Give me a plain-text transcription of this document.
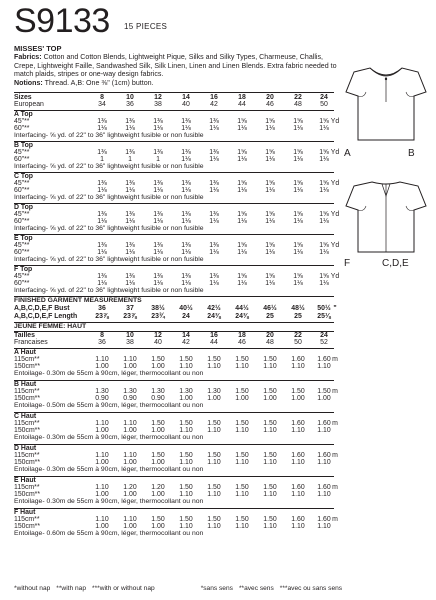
S9133 15 PIECES
MISSES' TOP
Fabrics: Cotton and Cotton Blends, Lightweight Pique, Silks and Silky Types, Charmeuse, Challis, Crepe, Lightweight Faille, Sandwashed Silk, Silk Linen, Linen and Linen Blends. Extra fabric needed to match plaids, stripes or one-way design fabrics.
Notions: Thread. A,B: One ⅜" (1cm) button.
Sizes	8	10	12	14	16	18	20	22	24
European	34	36	38	40	42	44	46	48	50
A Top
45"**	1⅜	1⅜	1⅜	1⅜	1⅜	1⅝	1⅝	1⅝	1⅝ Yd
60"**	1⅛	1⅛	1⅛	1⅛	1⅛	1⅛	1⅛	1⅛	1⅛
Interfacing- ⅝ yd. of 22" to 36" lightweight fusible or non fusible
B Top
45"**	1⅜	1⅜	1⅜	1⅜	1⅜	1⅝	1⅝	1⅝	1⅝ Yd
60"**	1	1	1	1⅛	1⅛	1⅛	1⅛	1⅛	1⅛
Interfacing- ⅝ yd. of 22" to 36" lightweight fusible or non fusible
C Top
45"**	1⅜	1⅜	1⅜	1⅜	1⅜	1⅝	1⅝	1⅝	1⅝ Yd
60"**	1⅛	1⅛	1⅛	1⅛	1⅛	1⅛	1⅛	1⅛	1⅛
Interfacing- ⅝ yd. of 22" to 36" lightweight fusible or non fusible
D Top
45"**	1⅜	1⅜	1⅜	1⅜	1⅜	1⅝	1⅝	1⅝	1⅝ Yd
60"**	1⅛	1⅛	1⅛	1⅛	1⅛	1⅛	1⅛	1⅛	1⅛
Interfacing- ⅝ yd. of 22" to 36" lightweight fusible or non fusible
E Top
45"**	1⅜	1⅜	1⅜	1⅜	1⅜	1⅝	1⅝	1⅝	1⅝ Yd
60"**	1⅛	1⅛	1⅛	1⅛	1⅛	1⅛	1⅛	1⅛	1⅛
Interfacing- ⅝ yd. of 22" to 36" lightweight fusible or non fusible
F Top
45"**	1⅜	1⅜	1⅜	1⅜	1⅜	1⅝	1⅝	1⅝	1⅝ Yd
60"**	1⅛	1⅛	1⅛	1⅛	1⅛	1⅛	1⅛	1⅛	1⅛
Interfacing- ⅝ yd. of 22" to 36" lightweight fusible or non fusible
FINISHED GARMENT MEASUREMENTS
A,B,C,D,E,F Bust	36	37	38½	40½	42½	44½	46½	48½	50½ "
A,B,C,D,E,F Length	23⅞	23⅞	23¾	24	24⅜	24⅜	25	25	25⅛
JEUNE FEMME: HAUT
Tailles	8	10	12	14	16	18	20	22	24
Francaises	36	38	40	42	44	46	48	50	52
A Haut
115cm**	1.10	1.10	1.50	1.50	1.50	1.50	1.50	1.60	1.60 m
150cm**	1.00	1.00	1.00	1.10	1.10	1.10	1.10	1.10	1.10
Entoilage- 0.30m de 55cm à 90cm, léger, thermocollant ou non
B Haut
115cm**	1.30	1.30	1.30	1.30	1.30	1.50	1.50	1.50	1.50 m
150cm**	0.90	0.90	0.90	1.00	1.00	1.00	1.00	1.00	1.00
Entoilage- 0.50m de 55cm à 90cm, léger, thermocollant ou non
C Haut
115cm**	1.10	1.10	1.50	1.50	1.50	1.50	1.50	1.60	1.60 m
150cm**	1.00	1.00	1.00	1.10	1.10	1.10	1.10	1.10	1.10
Entoilage- 0.30m de 55cm à 90cm, léger, thermocollant ou non
D Haut
115cm**	1.10	1.10	1.50	1.50	1.50	1.50	1.50	1.60	1.60 m
150cm**	1.00	1.00	1.00	1.10	1.10	1.10	1.10	1.10	1.10
Entoilage- 0.30m de 55cm à 90cm, léger, thermocollant ou non
E Haut
115cm**	1.10	1.20	1.20	1.50	1.50	1.50	1.50	1.60	1.60 m
150cm**	1.00	1.00	1.00	1.10	1.10	1.10	1.10	1.10	1.10
Entoilage- 0.30m de 55cm à 90cm, léger, thermocollant ou non
F Haut
115cm**	1.10	1.10	1.50	1.50	1.50	1.50	1.50	1.60	1.60 m
150cm**	1.00	1.00	1.00	1.10	1.10	1.10	1.10	1.10	1.10
Entoilage- 0.60m de 55cm à 90cm, léger, thermocollant ou non
*without nap **with nap ***with or without nap	*sans sens **avec sens ***avec ou sans sens
A	B
F	C,D,E
